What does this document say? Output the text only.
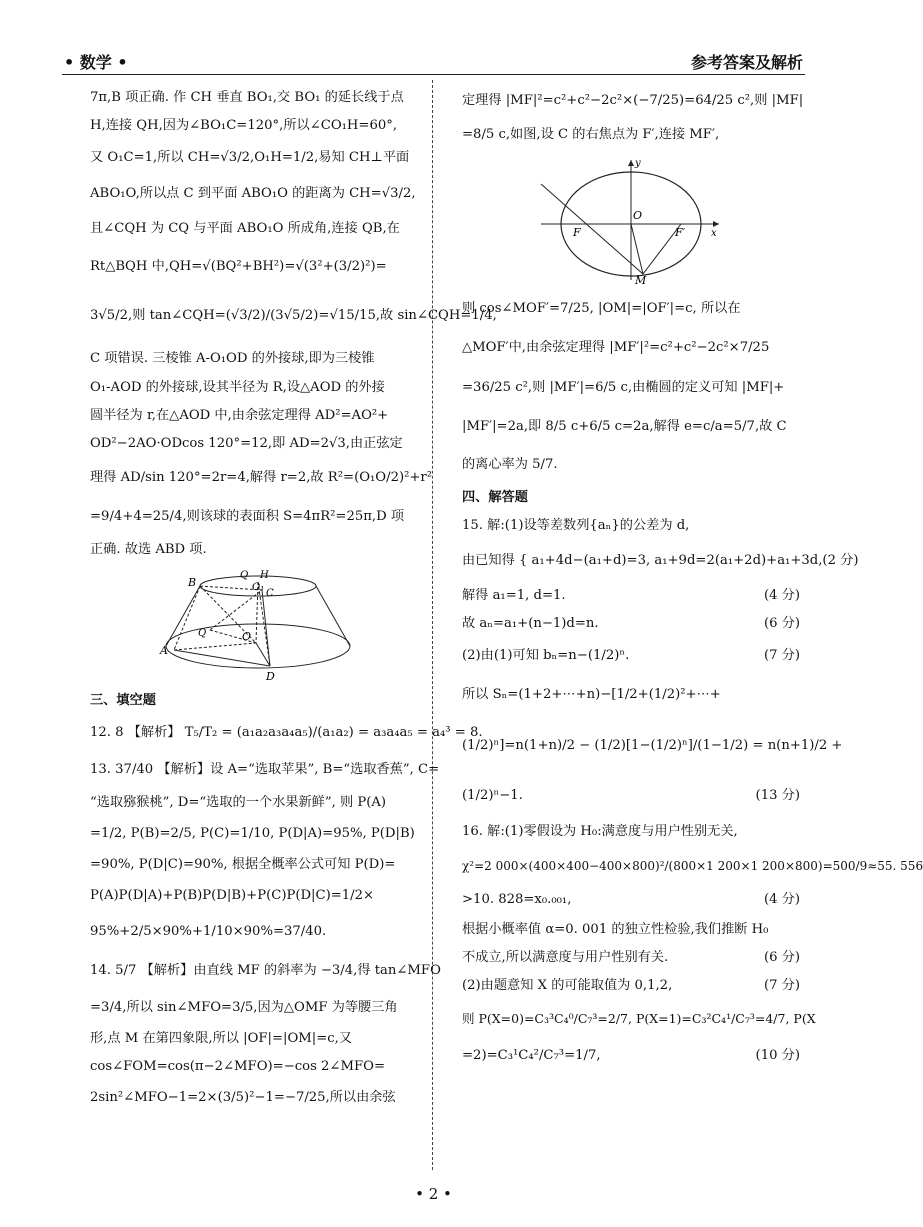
• 数学 •	参考答案及解析

7π,B 项正确. 作 CH 垂直 BO₁,交 BO₁ 的延长线于点

H,连接 QH,因为∠BO₁C=120°,所以∠CO₁H=60°,

又 O₁C=1,所以 CH=√3/2,O₁H=1/2,易知 CH⊥平面

ABO₁O,所以点 C 到平面 ABO₁O 的距离为 CH=√3/2,

且∠CQH 为 CQ 与平面 ABO₁O 所成角,连接 QB,在

Rt△BQH 中,QH=√(BQ²+BH²)=√(3²+(3/2)²)=

3√5/2,则 tan∠CQH=(√3/2)/(3√5/2)=√15/15,故 sin∠CQH=1/4,

C 项错误. 三棱锥 A-O₁OD 的外接球,即为三棱锥

O₁-AOD 的外接球,设其半径为 R,设△AOD 的外接

圆半径为 r,在△AOD 中,由余弦定理得 AD²=AO²+

OD²−2AO·ODcos 120°=12,即 AD=2√3,由正弦定

理得 AD/sin 120°=2r=4,解得 r=2,故 R²=(O₁O/2)²+r²

=9/4+4=25/4,则该球的表面积 S=4πR²=25π,D 项

正确. 故选 ABD 项.

B
Q H
O₁
C
A
Q	O
D

三、填空题

12. 8 【解析】 T₅/T₂ = (a₁a₂a₃a₄a₅)/(a₁a₂) = a₃a₄a₅ = a₄³ = 8.

13. 37/40 【解析】设 A=“选取苹果”, B=“选取香蕉”, C=

“选取猕猴桃”, D=“选取的一个水果新鲜”, 则 P(A)

=1/2, P(B)=2/5, P(C)=1/10, P(D|A)=95%, P(D|B)

=90%, P(D|C)=90%, 根据全概率公式可知 P(D)=

P(A)P(D|A)+P(B)P(D|B)+P(C)P(D|C)=1/2×

95%+2/5×90%+1/10×90%=37/40.

14. 5/7 【解析】由直线 MF 的斜率为 −3/4,得 tan∠MFO

=3/4,所以 sin∠MFO=3/5,因为△OMF 为等腰三角

形,点 M 在第四象限,所以 |OF|=|OM|=c,又

cos∠FOM=cos(π−2∠MFO)=−cos 2∠MFO=

2sin²∠MFO−1=2×(3/5)²−1=−7/25,所以由余弦

定理得 |MF|²=c²+c²−2c²×(−7/25)=64/25 c²,则 |MF|

=8/5 c,如图,设 C 的右焦点为 F′,连接 MF′,

y
x
O
F	F′
M

则 cos∠MOF′=7/25, |OM|=|OF′|=c, 所以在

△MOF′中,由余弦定理得 |MF′|²=c²+c²−2c²×7/25

=36/25 c²,则 |MF′|=6/5 c,由椭圆的定义可知 |MF|+

|MF′|=2a,即 8/5 c+6/5 c=2a,解得 e=c/a=5/7,故 C

的离心率为 5/7.

四、解答题

15. 解:(1)设等差数列{aₙ}的公差为 d,
由已知得 { a₁+4d−(a₁+d)=3, a₁+9d=2(a₁+2d)+a₁+3d, (2 分)
解得 a₁=1, d=1.	(4 分)
故 aₙ=a₁+(n−1)d=n.	(6 分)
(2)由(1)可知 bₙ=n−(1/2)ⁿ.	(7 分)
所以 Sₙ=(1+2+⋯+n)−[1/2+(1/2)²+⋯+
(1/2)ⁿ]=n(1+n)/2 − (1/2)[1−(1/2)ⁿ]/(1−1/2) = n(n+1)/2 +
(1/2)ⁿ−1.	(13 分)
16. 解:(1)零假设为 H₀:满意度与用户性别无关,
χ²=2 000×(400×400−400×800)²/(800×1 200×1 200×800)=500/9≈55. 556
>10. 828=x₀.₀₀₁,	(4 分)
根据小概率值 α=0. 001 的独立性检验,我们推断 H₀
不成立,所以满意度与用户性别有关.	(6 分)
(2)由题意知 X 的可能取值为 0,1,2,	(7 分)
则 P(X=0)=C₃³C₄⁰/C₇³=2/7, P(X=1)=C₃²C₄¹/C₇³=4/7, P(X
=2)=C₃¹C₄²/C₇³=1/7,	(10 分)
• 2 •
